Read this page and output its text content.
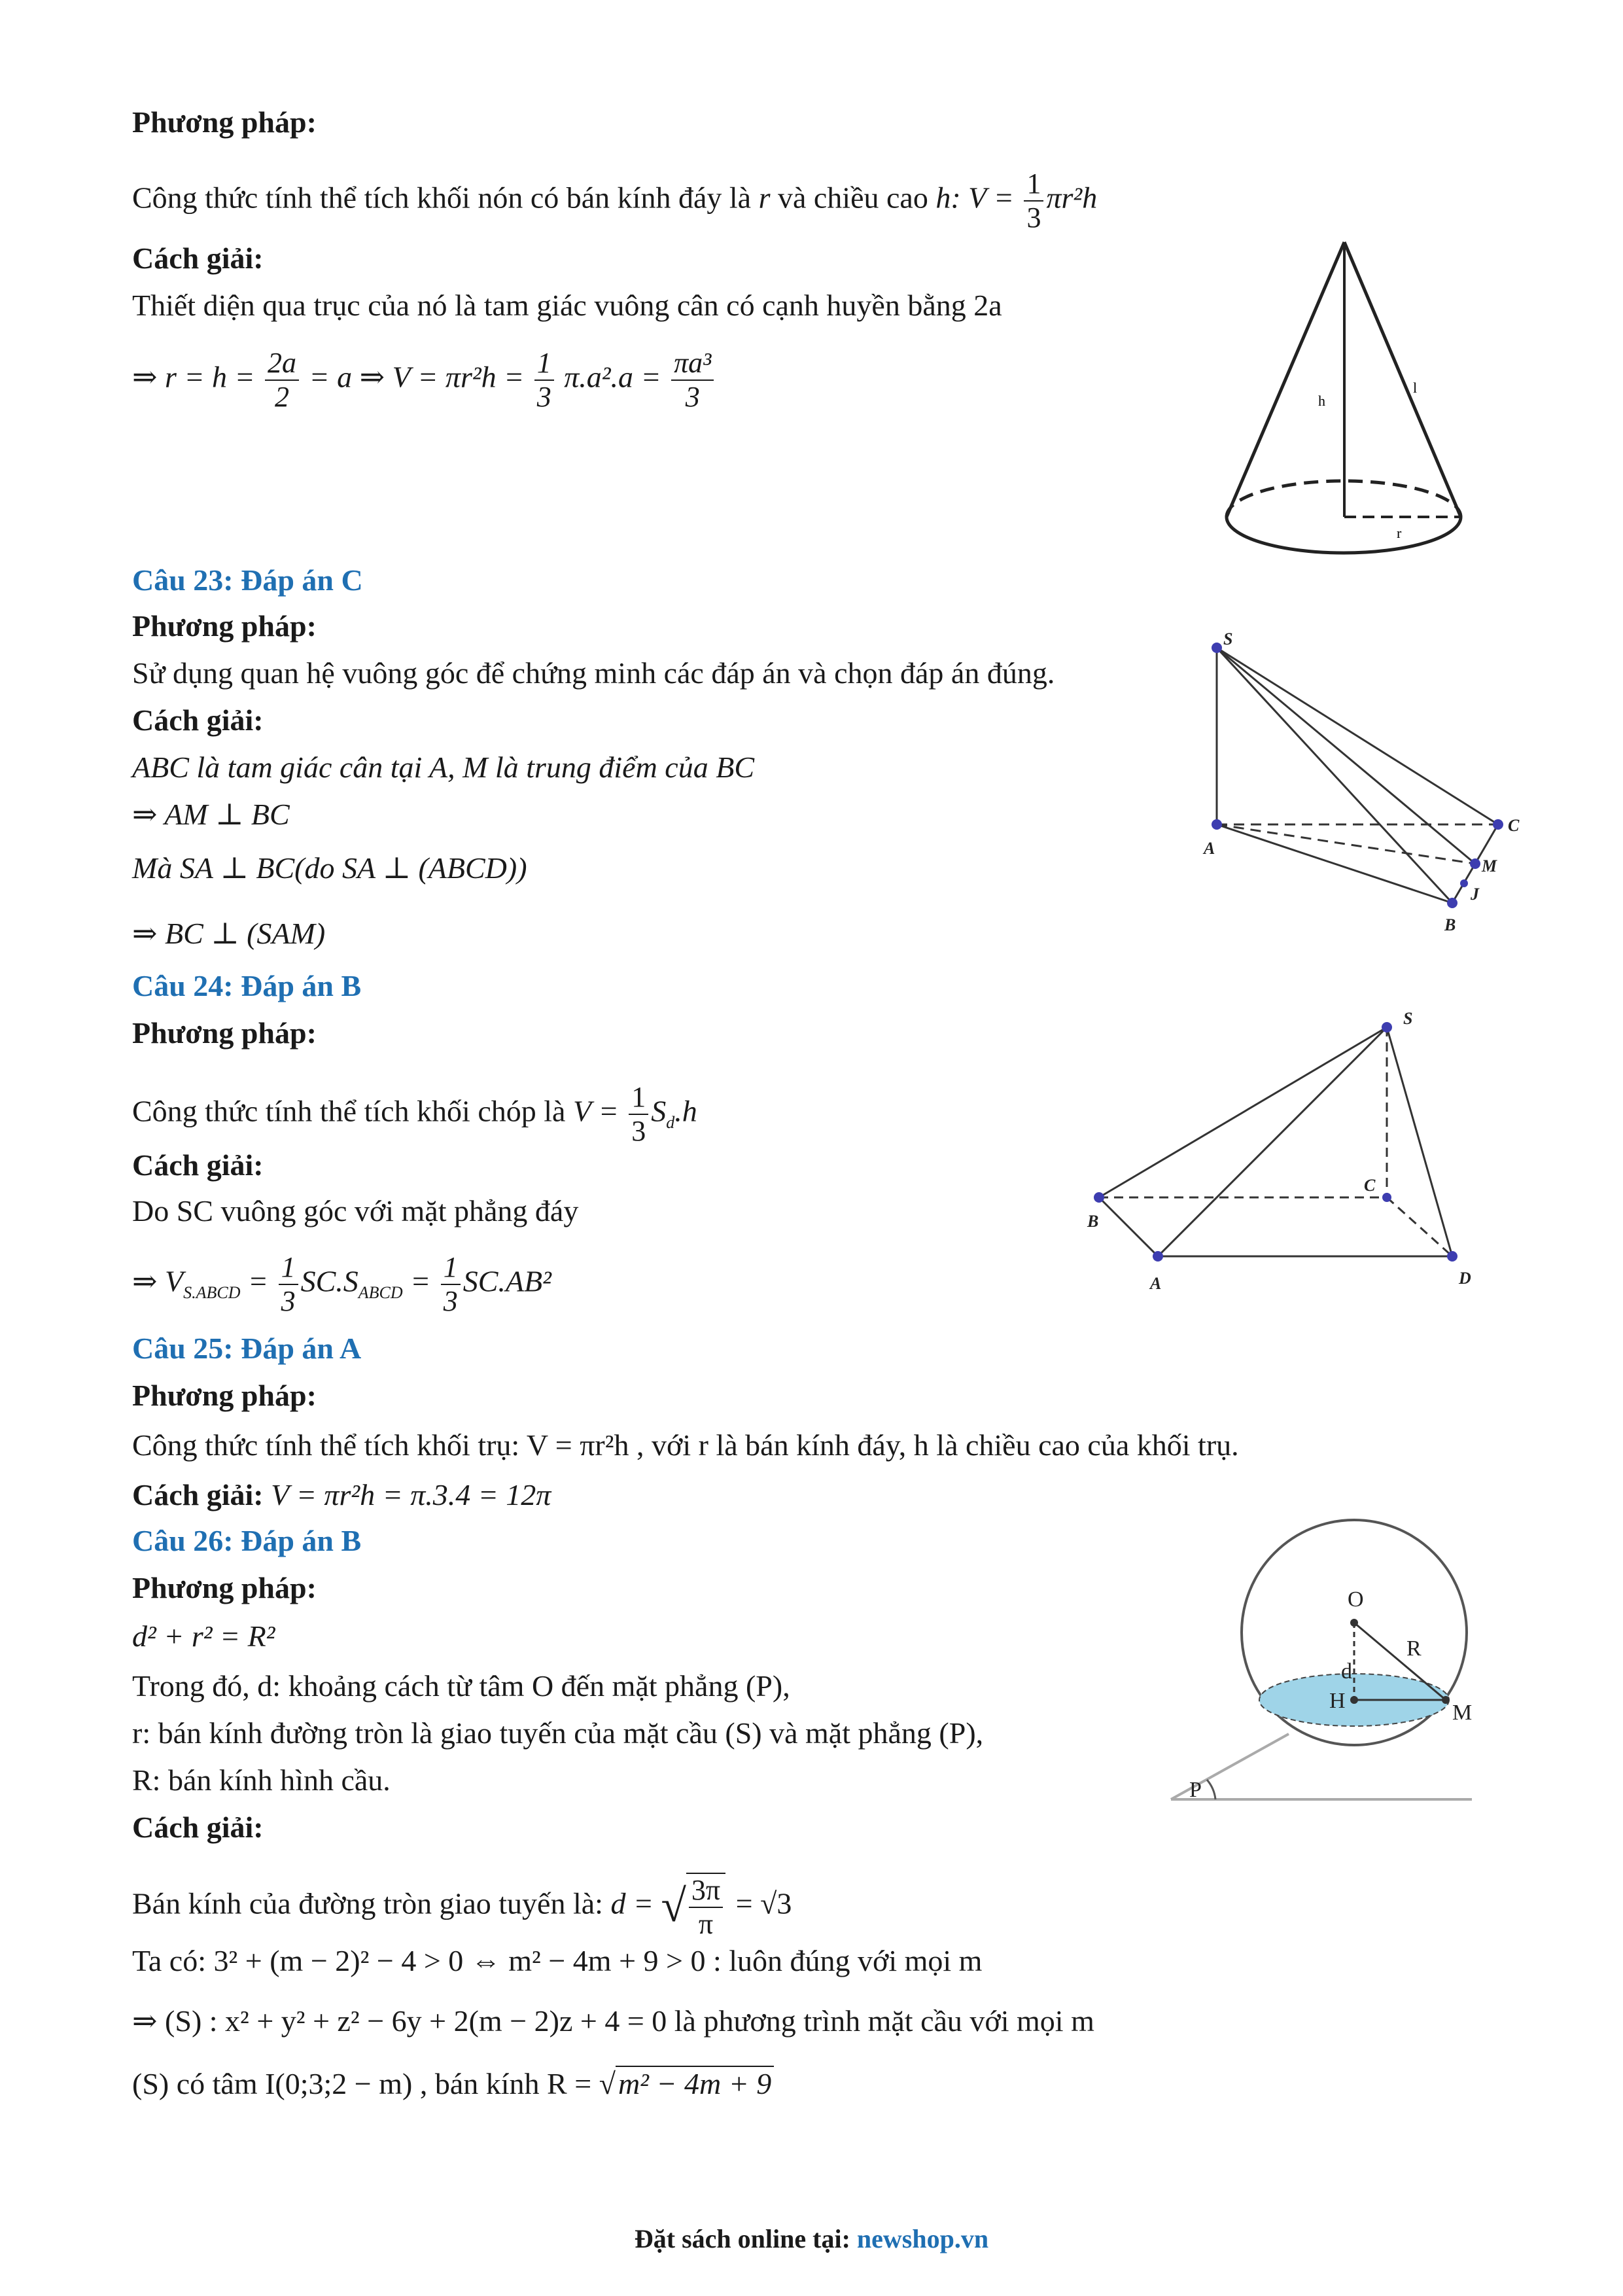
Phương pháp:
Công thức tính thể tích khối nón có bán kính đáy là r và chiều cao h: $V = \frac{1}{3} \pi r^2h$
Cách giải:
Thiết diện qua trục của nó là tam giác vuông cân có cạnh huyền bằng 2a
⇒ $r = h = \frac{2a}{2} = a$ ⇒ $V = \pi r^2h = \frac{1}{3} \pi.a^2.a = \frac{\text{πa³}}{3}$	h
l
r
Câu 23: Đáp án C
Phương pháp:
Sử dụng quan hệ vuông góc để chứng minh các đáp án và chọn đáp án đúng.
Cách giải:
ABC là tam giác cân tại A, M là trung điểm của BC
⇒ AM ⊥ BC
Mà SA ⊥ BC(do SA ⊥ (ABCD))
⇒ BC ⊥ (SAM)
S
A
C
B
M
J
Câu 24: Đáp án B
Phương pháp:
Công thức tính thể tích khối chóp là $V = \frac{1}{3} S_d.h$
Cách giải:
Do SC vuông góc với mặt phẳng đáy
⇒ $V_{S.ABCD} = \frac{1}{3} SC.S_{ABCD} = \frac{1}{3} SC.AB^2$
S
B
A	D
C
Câu 25: Đáp án A
Phương pháp:
Công thức tính thể tích khối trụ: V = πr²h , với r là bán kính đáy, h là chiều cao của khối trụ.
Cách giải: V = πr²h = π.3.4 = 12π
Câu 26: Đáp án B
Phương pháp:
d² + r² = R²
Trong đó, d: khoảng cách từ tâm O đến mặt phẳng (P),
r: bán kính đường tròn là giao tuyến của mặt cầu (S) và mặt phẳng (P),
R: bán kính hình cầu.
Cách giải:
Bán kính của đường tròn giao tuyến là: d = √ $\frac{3\pi}{\pi} = √3$
Ta có: 3² + (m − 2)² − 4 > 0 ⇔ m² − 4m + 9 > 0 : luôn đúng với mọi m
⇒ (S) : x² + y² + z² − 6y + 2(m − 2)z + 4 = 0 là phương trình mặt cầu với mọi m
(S) có tâm I(0;3;2 − m) , bán kính R = √m² − 4m + 9
O
R
d
H	M
P
Đặt sách online tại: newshop.vn
